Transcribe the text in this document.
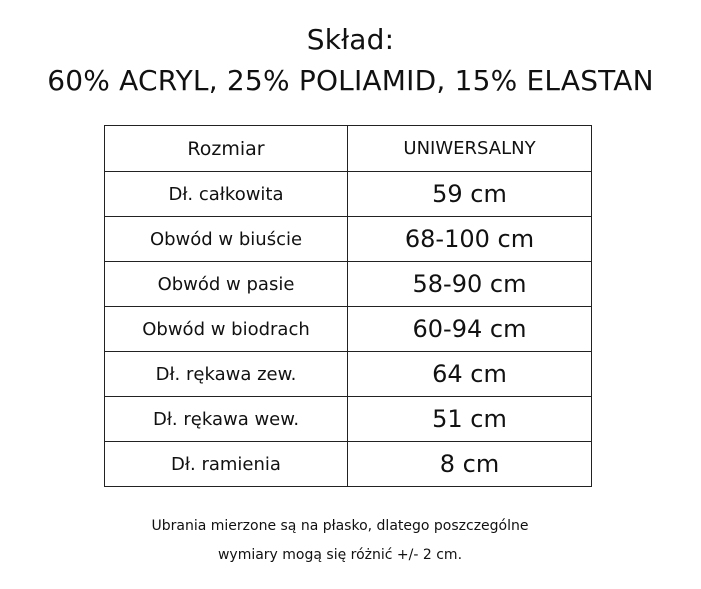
Skład:
60% ACRYL, 25% POLIAMID, 15% ELASTAN
Rozmiar	UNIWERSALNY
Dł. całkowita	59 cm
Obwód w biuście	68-100 cm
Obwód w pasie	58-90 cm
Obwód w biodrach	60-94 cm
Dł. rękawa zew.	64 cm
Dł. rękawa wew.	51 cm
Dł. ramienia	8 cm
Ubrania mierzone są na płasko, dlatego poszczególne
wymiary mogą się różnić +/- 2 cm.
